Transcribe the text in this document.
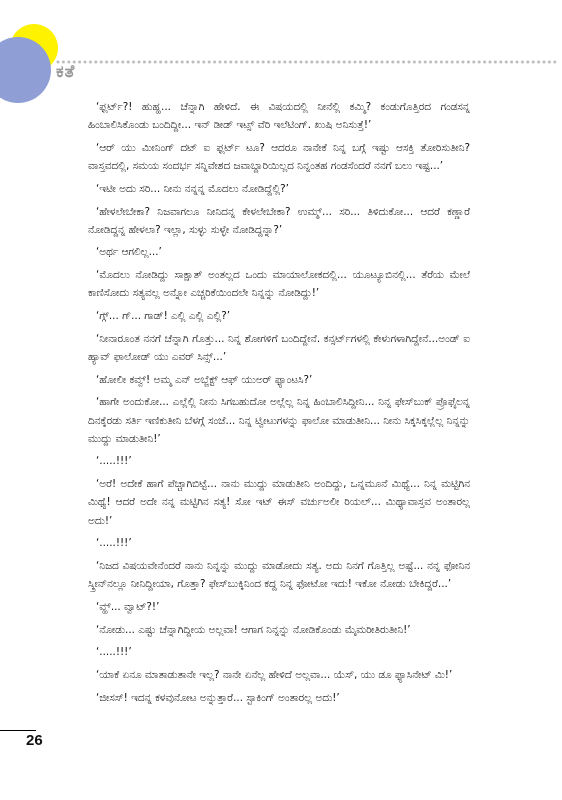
ಕತೆ

‘ಫ್ಲರ್ಟ್?! ಹುಹ್ಹ... ಚೆನ್ನಾಗಿ ಹೇಳಿದೆ. ಈ ವಿಷಯದಲ್ಲಿ ನೀನೆಲ್ಲಿ ಕಮ್ಮಿ? ಕಂಡುಗೊತ್ತಿರದ ಗಂಡಸನ್ನ ಹಿಂಬಾಲಿಸಿಕೊಂಡು ಬಂದಿದ್ದೀ... ಇನ್ ಡೀಡ್ ಇಟ್ಸ್ ವೆರಿ ಇಲೆಟಿಂಗ್. ಖುಷಿ ಅನಿಸುತ್ತೆ!’

‘ಆರ್ ಯು ಮೀನಿಂಗ್ ದಟ್ ಐ ಫ್ಲರ್ಟ್ ಟೂ? ಆದರೂ ನಾನೇಕೆ ನಿನ್ನ ಬಗ್ಗೆ ಇಷ್ಟು ಆಸಕ್ತಿ ತೋರಿಸುತೀನಿ? ವಾಸ್ತವದಲ್ಲಿ, ಸಮಯ ಸಂದರ್ಭ ಸನ್ನಿವೇಶದ ಜವಾಬ್ದಾರಿಯಿಲ್ಲದ ನಿನ್ನಂತಹ ಗಂಡಸೆಂದರೆ ನನಗೆ ಬಲು ಇಷ್ಟ...’

‘ಇಟೀ ಅದು ಸರಿ... ನೀನು ನನ್ನನ್ನ ಮೊದಲು ನೋಡಿದ್ದೆಲ್ಲಿ?’

‘ಹೇಳಲೇಬೇಕಾ? ನಿಜವಾಗಲೂ ನೀನಿದನ್ನ ಕೇಳಲೇಬೇಕಾ? ಉಮ್ಮ್... ಸರಿ... ತಿಳಿದುಕೋ... ಆದರೆ ಕಣ್ಣಾರೆ ನೋಡಿದ್ದನ್ನ ಹೇಳಲಾ? ಇಲ್ಲಾ, ಸುಳ್ಳು ಸುಳ್ಳೇ ನೋಡಿದ್ದನ್ನಾ?’

‘ಅರ್ಥ ಆಗಲಿಲ್ಲ...’

‘ಮೊದಲು ನೋಡಿದ್ದು ಸಾಕ್ಷಾತ್ ಅಂತಲ್ಲದ ಒಂದು ಮಾಯಾಲೋಕದಲ್ಲಿ... ಯೂಟ್ಯೂಬಿನಲ್ಲಿ... ತೆರೆಯ ಮೇಲೆ ಕಾಣಿಸೋದು ಸತ್ಯವಲ್ಲ ಅನ್ನೋ ಎಚ್ಚರಿಕೆಯಿಂದಲೇ ನಿನ್ನನ್ನು ನೋಡಿದ್ದು!’

‘ಗ್ಗ್... ಗ್... ಗಾಡ್! ಎಲ್ಲಿ ಎಲ್ಲಿ ಎಲ್ಲಿ?’

‘ನೀನಾರೂಂತ ನನಗೆ ಚೆನ್ನಾಗಿ ಗೊತ್ತು... ನಿನ್ನ ಶೋಗಳಿಗೆ ಬಂದಿದ್ದೇನೆ. ಕನ್ಸರ್ಟ್‌ಗಳಲ್ಲಿ ಕೇಳುಗಳಾಗಿದ್ದೇನೆ...ಅಂಡ್ ಐ ಹ್ಯಾವ್ ಫಾಲೋಡ್ ಯು ಎವರ್ ಸಿನ್ಸ್...’

‘ಹೋಲೀ ಕವ್ವ್! ಅಮ್ಮ ಎನ್ ಅಬ್ಜೆಕ್ಟ್ ಆಫ್ ಯುಅರ್ ಫ್ಯಾಂಟಸಿ?’

‘ಹಾಗೇ ಅಂದುಕೋ... ಎಲ್ಲೆಲ್ಲಿ ನೀನು ಸಿಗಬಹುದೋ ಅಲ್ಲೆಲ್ಲ ನಿನ್ನ ಹಿಂಬಾಲಿಸಿದ್ದೀನಿ... ನಿನ್ನ ಫೇಸ್‌ಬುಕ್ ಪ್ರೊಫೈಲನ್ನ ದಿನಕ್ಕೆರಡು ಸರ್ತಿ ಇಣಿಕುತೀನಿ ಬೆಳಗ್ಗೆ ಸಂಜೆ... ನಿನ್ನ ಟ್ವೀಟುಗಳನ್ನು ಫಾಲೋ ಮಾಡುತೀನಿ... ನೀನು ಸಿಕ್ಕಸಿಕ್ಕಲ್ಲೆಲ್ಲ ನಿನ್ನನ್ನು ಮುದ್ದು ಮಾಡುತೀನಿ!’

‘.....!!!’

‘ಅರೆ! ಅದೇಕೆ ಹಾಗೆ ಪೆಚ್ಚಾಗಿಬಿಟ್ಟೆ... ನಾನು ಮುದ್ದು ಮಾಡುತೀನಿ ಅಂದಿದ್ದು, ಒನ್ನಮೂನೆ ಮಿಥ್ಯೆ... ನಿನ್ನ ಮಟ್ಟಿಗಿನ ಮಿಥ್ಯೆ! ಆದರೆ ಅದೇ ನನ್ನ ಮಟ್ಟಿಗಿನ ಸತ್ಯ! ಸೋ ಇಟ್ ಈಸ್ ವರ್ಚುಅಲೀ ರಿಯಲ್... ಮಿಥ್ಯಾವಾಸ್ತವ ಅಂತಾರಲ್ಲ ಅದು!’

‘.....!!!’

‘ನಿಜದ ವಿಷಯವೇನೆಂದರೆ ನಾನು ನಿನ್ನನ್ನು ಮುದ್ದು ಮಾಡೋದು ಸತ್ಯ. ಅದು ನಿನಗೆ ಗೊತ್ತಿಲ್ಲ ಅಷ್ಟೆ... ನನ್ನ ಫೋನಿನ ಸ್ಕ್ರೀನ್‌ನಲ್ಲೂ ನೀನಿದ್ದೀಯಾ, ಗೊತ್ತಾ? ಫೇಸ್‌ಬುಕ್ಕಿನಿಂದ ಕದ್ದ ನಿನ್ನ ಫೋಟೋ ಇದು! ಇಕೋ ನೋಡು ಬೇಕಿದ್ದರೆ...’

‘ವ್ಹ್... ವ್ವಾಟ್?!’

‘ನೋಡು... ಎಷ್ಟು ಚೆನ್ನಾಗಿದ್ದೀಯ ಅಲ್ಲವಾ! ಆಗಾಗ ನಿನ್ನನ್ನು ನೋಡಿಕೊಂಡು ಮೈಮರೀತಿರುತೀನಿ!’

‘.....!!!’

‘ಯಾಕೆ ಏನೂ ಮಾತಾಡುತಾನೇ ಇಲ್ಲ? ನಾನೇ ಏನೆಲ್ಲ ಹೇಳಿದೆ ಅಲ್ಲವಾ... ಯೆಸ್, ಯು ಡೂ ಫ್ಯಾಸಿನೇಟ್ ಮಿ!’

‘ಜೀಸಸ್! ಇದನ್ನ ಕಳವುನೋಟ ಅನ್ನುತ್ತಾರೆ... ಸ್ಟಾಕಿಂಗ್ ಅಂತಾರಲ್ಲ ಅದು!’

26
